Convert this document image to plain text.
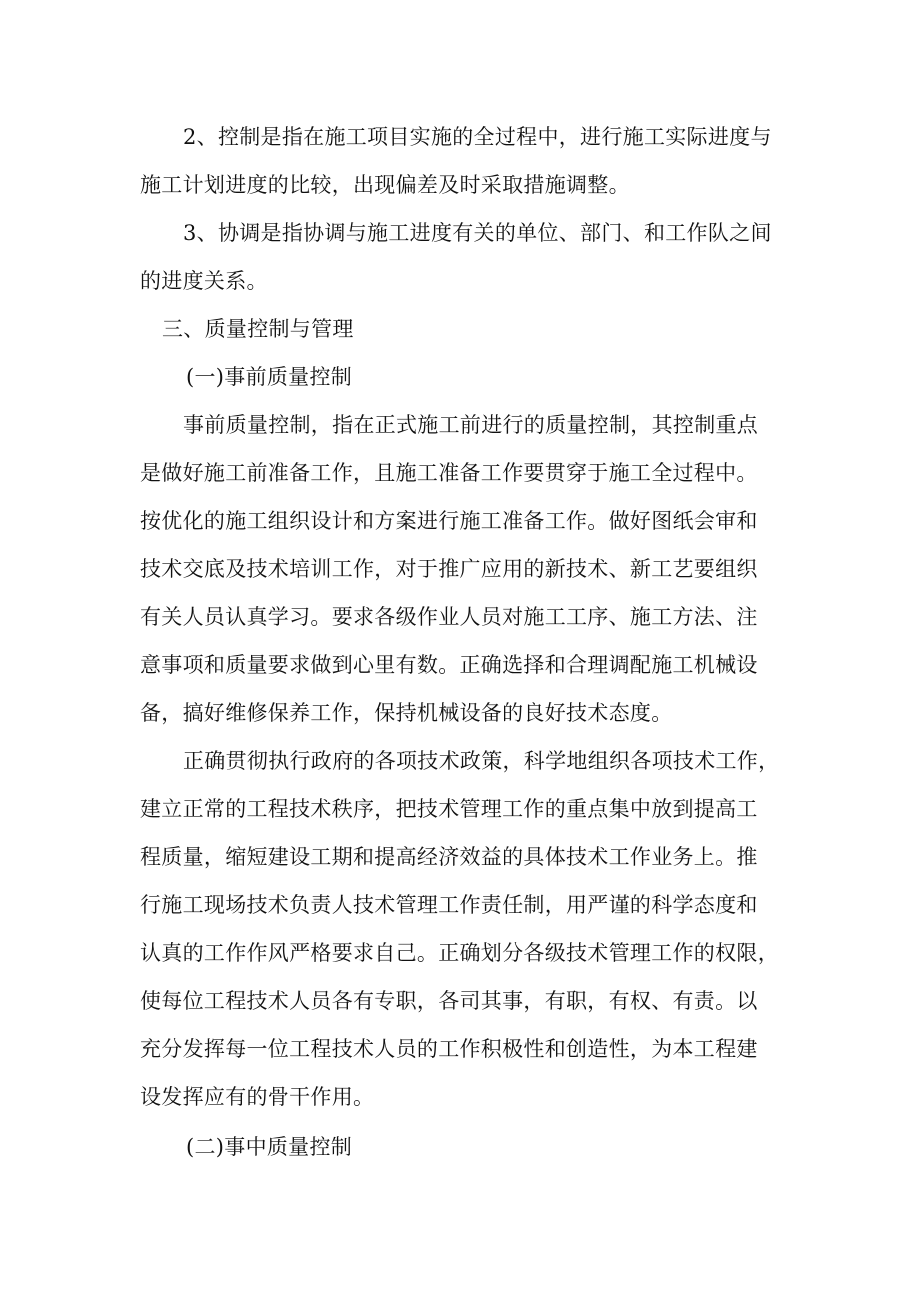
2、控制是指在施工项目实施的全过程中，进行施工实际进度与
施工计划进度的比较，出现偏差及时采取措施调整。
3、协调是指协调与施工进度有关的单位、部门、和工作队之间
的进度关系。
三、质量控制与管理
(一)事前质量控制
事前质量控制，指在正式施工前进行的质量控制，其控制重点
是做好施工前准备工作，且施工准备工作要贯穿于施工全过程中。
按优化的施工组织设计和方案进行施工准备工作。做好图纸会审和
技术交底及技术培训工作，对于推广应用的新技术、新工艺要组织
有关人员认真学习。要求各级作业人员对施工工序、施工方法、注
意事项和质量要求做到心里有数。正确选择和合理调配施工机械设
备，搞好维修保养工作，保持机械设备的良好技术态度。
正确贯彻执行政府的各项技术政策，科学地组织各项技术工作，
建立正常的工程技术秩序，把技术管理工作的重点集中放到提高工
程质量，缩短建设工期和提高经济效益的具体技术工作业务上。推
行施工现场技术负责人技术管理工作责任制，用严谨的科学态度和
认真的工作作风严格要求自己。正确划分各级技术管理工作的权限，
使每位工程技术人员各有专职，各司其事，有职，有权、有责。以
充分发挥每一位工程技术人员的工作积极性和创造性，为本工程建
设发挥应有的骨干作用。
(二)事中质量控制
